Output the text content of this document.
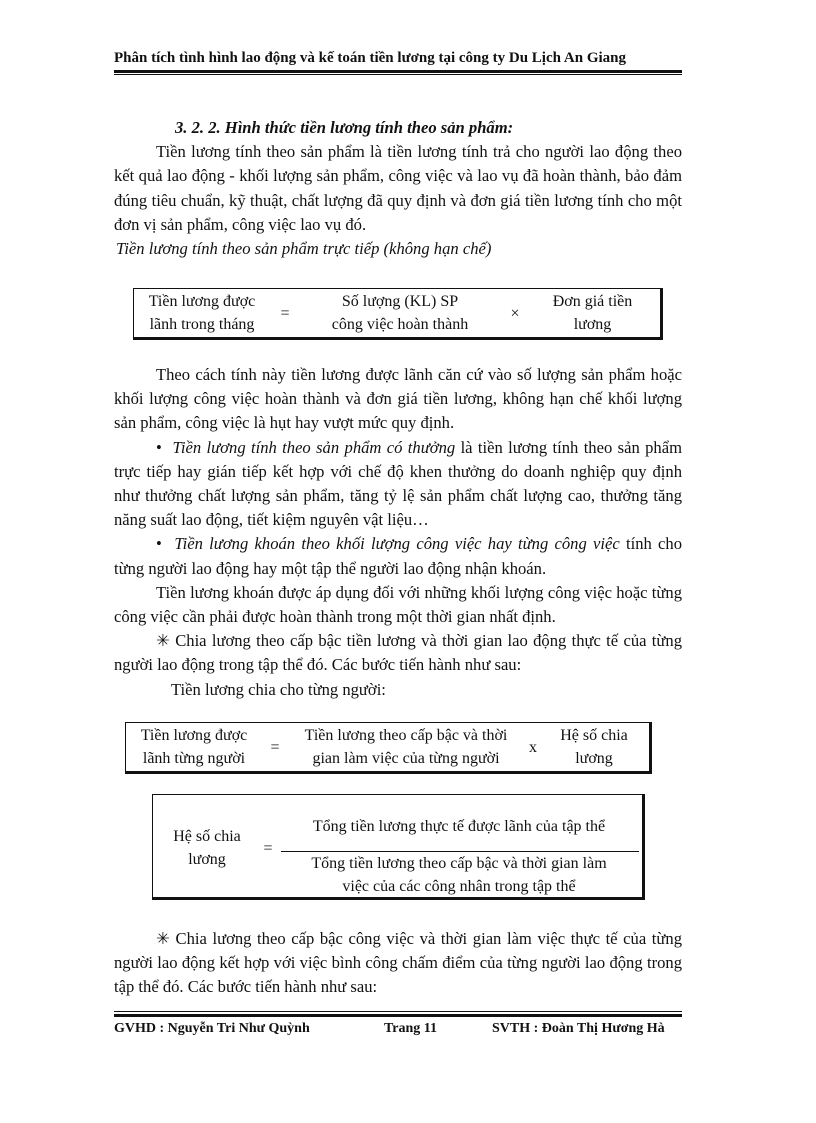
Phân tích tình hình lao động và kế toán tiền lương tại công ty Du Lịch An Giang

3. 2. 2. Hình thức tiền lương tính theo sản phẩm:

Tiền lương tính theo sản phẩm là tiền lương tính trả cho người lao động theo kết quả lao động - khối lượng sản phẩm, công việc và lao vụ đã hoàn thành, bảo đảm đúng tiêu chuẩn, kỹ thuật, chất lượng đã quy định và đơn giá tiền lương tính cho một đơn vị sản phẩm, công việc lao vụ đó.

Tiền lương tính theo sản phẩm trực tiếp (không hạn chế)

Tiền lương được
lãnh trong tháng
=
Số lượng (KL) SP
công việc hoàn thành
×
Đơn giá tiền
lương

Theo cách tính này tiền lương được lãnh căn cứ vào số lượng sản phẩm hoặc khối lượng công việc hoàn thành và đơn giá tiền lương, không hạn chế khối lượng sản phẩm, công việc là hụt hay vượt mức quy định.

•  Tiền lương tính theo sản phẩm có thưởng là tiền lương tính theo sản phẩm trực tiếp hay gián tiếp kết hợp với chế độ khen thưởng do doanh nghiệp quy định như thưởng chất lượng sản phẩm, tăng tỷ lệ sản phẩm chất lượng cao, thưởng tăng năng suất lao động, tiết kiệm nguyên vật liệu…

•  Tiền lương khoán theo khối lượng công việc hay từng công việc tính cho từng người lao động hay một tập thể người lao động nhận khoán.

Tiền lương khoán được áp dụng đối với những khối lượng công việc hoặc từng công việc cần phải được hoàn thành trong một thời gian nhất định.

✳ Chia lương theo cấp bậc tiền lương và thời gian lao động thực tế của từng người lao động trong tập thể đó. Các bước tiến hành như sau:

Tiền lương chia cho từng người:

Tiền lương được
lãnh từng người
=
Tiền lương theo cấp bậc và thời
gian làm việc của từng người
x
Hệ số chia
lương
Hệ số chia
lương
=
Tổng tiền lương thực tế được lãnh của tập thể
Tổng tiền lương theo cấp bậc và thời gian làm
việc của các công nhân trong tập thể

✳ Chia lương theo cấp bậc công việc và thời gian làm việc thực tế của từng người lao động kết hợp với việc bình công chấm điểm của từng người lao động trong tập thể đó. Các bước tiến hành như sau:

GVHD : Nguyễn Tri Như Quỳnh	Trang 11	SVTH : Đoàn Thị Hương Hà
